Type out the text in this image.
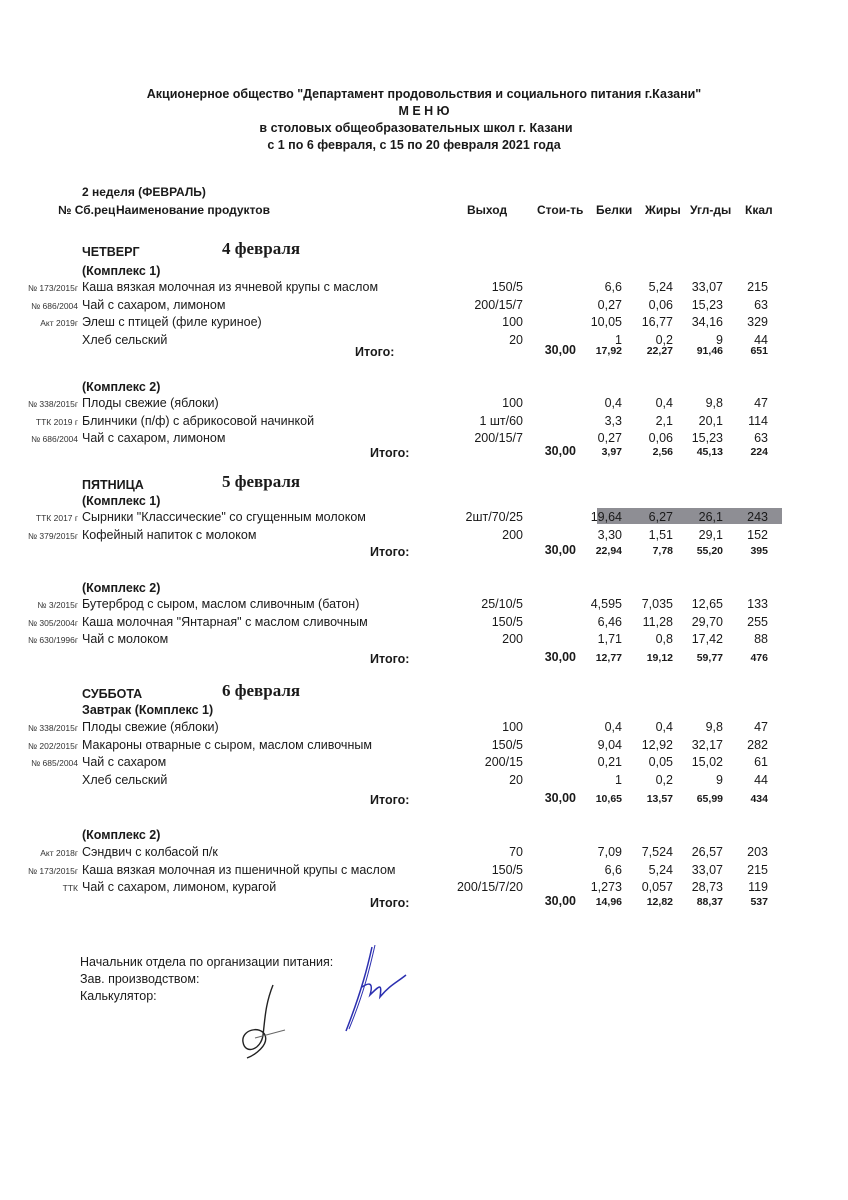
Акционерное общество "Департамент продовольствия и социального питания г.Казани"
М Е Н Ю
в столовых общеобразовательных школ г. Казани
с 1 по 6 февраля, с 15 по 20 февраля 2021 года
2 неделя (ФЕВРАЛЬ)
№ Сб.рец Наименование продуктов	Выход Стои-ть Белки Жиры Угл-ды Ккал
ЧЕТВЕРГ	4 февраля
(Комплекс 1)
№ 173/2015г Каша вязкая молочная из ячневой крупы с маслом	150/5	6,6	5,24	33,07	215
№ 686/2004 Чай с сахаром, лимоном	200/15/7	0,27	0,06	15,23	63
Акт 2019г Элеш с птицей (филе куриное)	100	10,05	16,77	34,16	329
Хлеб сельский	20	1	0,2	9	44
Итого:	30,00	17,92	22,27	91,46	651
(Комплекс 2)
№ 338/2015г Плоды свежие (яблоки)	100	0,4	0,4	9,8	47
ТТК 2019 г Блинчики (п/ф) с абрикосовой начинкой	1 шт/60	3,3	2,1	20,1	114
№ 686/2004 Чай с сахаром, лимоном	200/15/7	0,27	0,06	15,23	63
Итого:	30,00	3,97	2,56	45,13	224
ПЯТНИЦА	5 февраля
(Комплекс 1)
ТТК 2017 г Сырники "Классические" со сгущенным молоком	2шт/70/25	19,64	6,27	26,1	243
№ 379/2015г Кофейный напиток с молоком	200	3,30	1,51	29,1	152
Итого:	30,00	22,94	7,78	55,20	395
(Комплекс 2)
№ 3/2015г Бутерброд с сыром, маслом сливочным (батон)	25/10/5	4,595	7,035	12,65	133
№ 305/2004г Каша молочная "Янтарная" с маслом сливочным	150/5	6,46	11,28	29,70	255
№ 630/1996г Чай с молоком	200	1,71	0,8	17,42	88
Итого:	30,00	12,77	19,12	59,77	476
СУББОТА	6 февраля
Завтрак (Комплекс 1)
№ 338/2015г Плоды свежие (яблоки)	100	0,4	0,4	9,8	47
№ 202/2015г Макароны отварные с сыром, маслом сливочным	150/5	9,04	12,92	32,17	282
№ 685/2004 Чай с сахаром	200/15	0,21	0,05	15,02	61
Хлеб сельский	20	1	0,2	9	44
Итого:	30,00	10,65	13,57	65,99	434
(Комплекс 2)
Акт 2018г Сэндвич с колбасой п/к	70	7,09	7,524	26,57	203
№ 173/2015г Каша вязкая молочная из пшеничной крупы с маслом	150/5	6,6	5,24	33,07	215
ТТК Чай с сахаром, лимоном, курагой	200/15/7/20	1,273	0,057	28,73	119
Итого:	30,00	14,96	12,82	88,37	537
Начальник отдела по организации питания:
Зав. производством:
Калькулятор:
